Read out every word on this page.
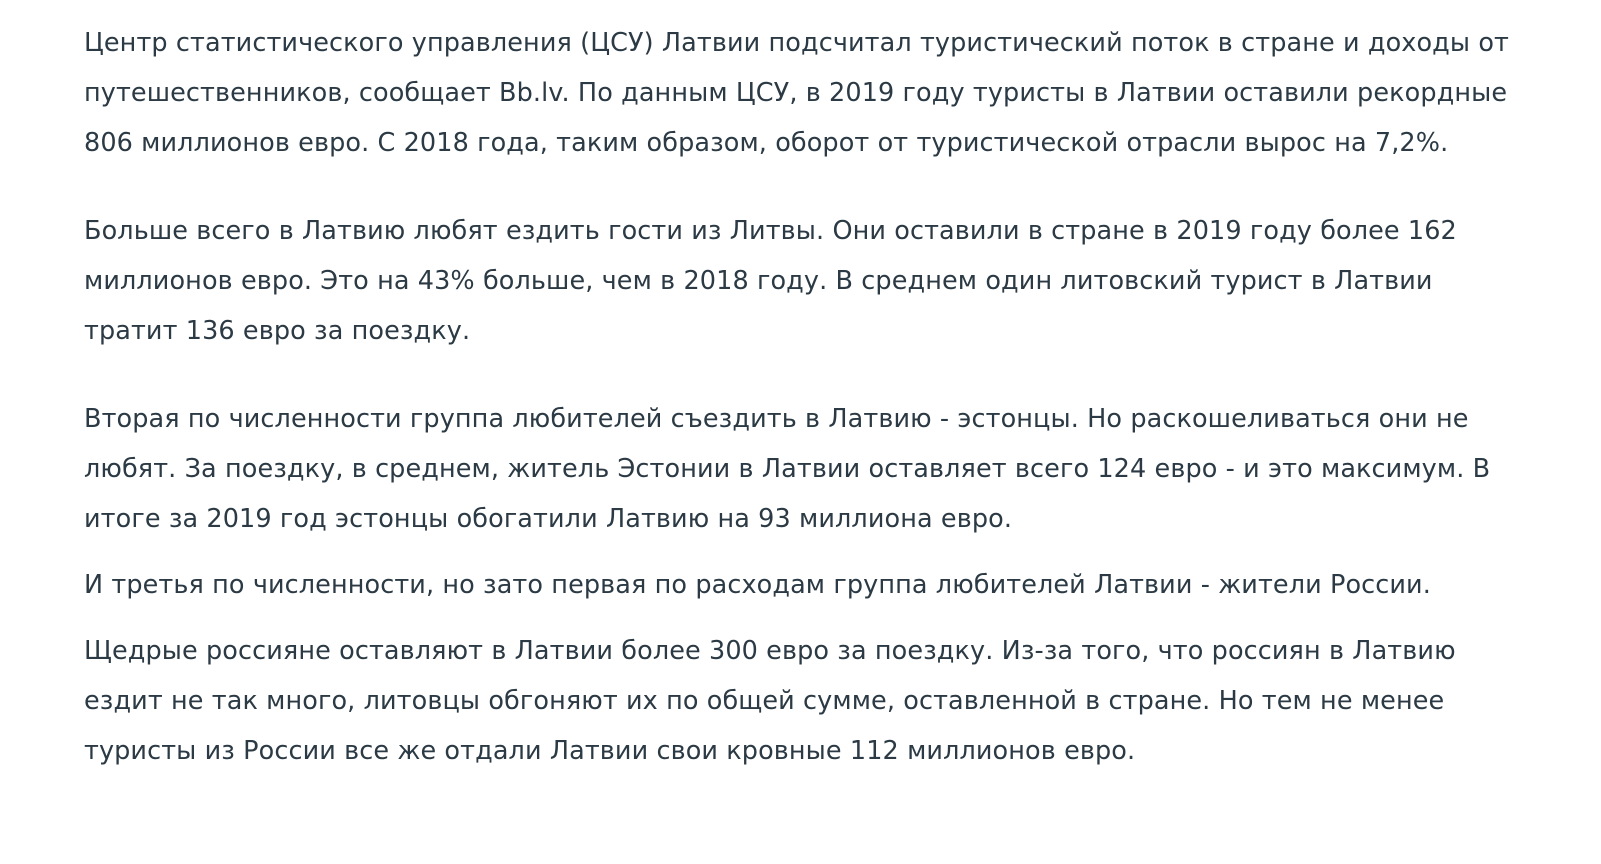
Центр статистического управления (ЦСУ) Латвии подсчитал туристический поток в стране и доходы от путешественников, сообщает Bb.lv. По данным ЦСУ, в 2019 году туристы в Латвии оставили рекордные 806 миллионов евро. С 2018 года, таким образом, оборот от туристической отрасли вырос на 7,2%.

Больше всего в Латвию любят ездить гости из Литвы. Они оставили в стране в 2019 году более 162 миллионов евро. Это на 43% больше, чем в 2018 году. В среднем один литовский турист в Латвии тратит 136 евро за поездку.

Вторая по численности группа любителей съездить в Латвию - эстонцы. Но раскошеливаться они не любят. За поездку, в среднем, житель Эстонии в Латвии оставляет всего 124 евро - и это максимум. В итоге за 2019 год эстонцы обогатили Латвию на 93 миллиона евро.

И третья по численности, но зато первая по расходам группа любителей Латвии - жители России.

Щедрые россияне оставляют в Латвии более 300 евро за поездку. Из-за того, что россиян в Латвию ездит не так много, литовцы обгоняют их по общей сумме, оставленной в стране. Но тем не менее туристы из России все же отдали Латвии свои кровные 112 миллионов евро.
